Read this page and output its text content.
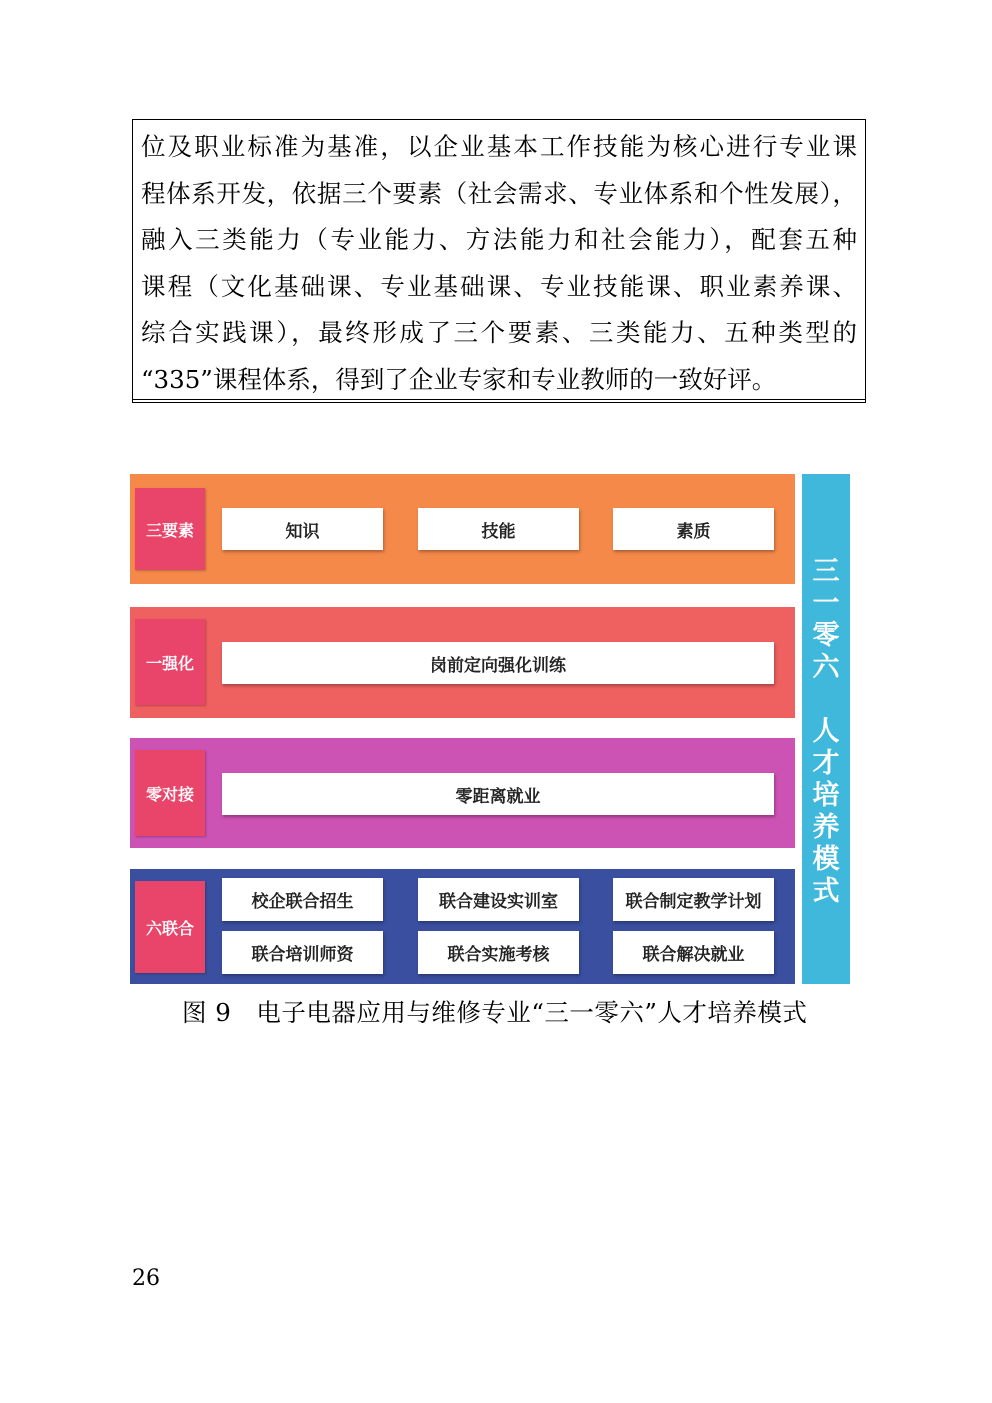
位及职业标准为基准，以企业基本工作技能为核心进行专业课
程体系开发，依据三个要素（社会需求、专业体系和个性发展），
融入三类能力（专业能力、方法能力和社会能力），配套五种
课程（文化基础课、专业基础课、专业技能课、职业素养课、
综合实践课），最终形成了三个要素、三类能力、五种类型的
“335”课程体系，得到了企业专家和专业教师的一致好评。
三要素	知识	技能	素质
一强化	岗前定向强化训练
零对接	零距离就业
六联合
校企联合招生	联合建设实训室	联合制定教学计划
联合培训师资	联合实施考核	联合解决就业
三
一
零
六
人
才
培
养
模
式
图 9　电子电器应用与维修专业“三一零六”人才培养模式
26
